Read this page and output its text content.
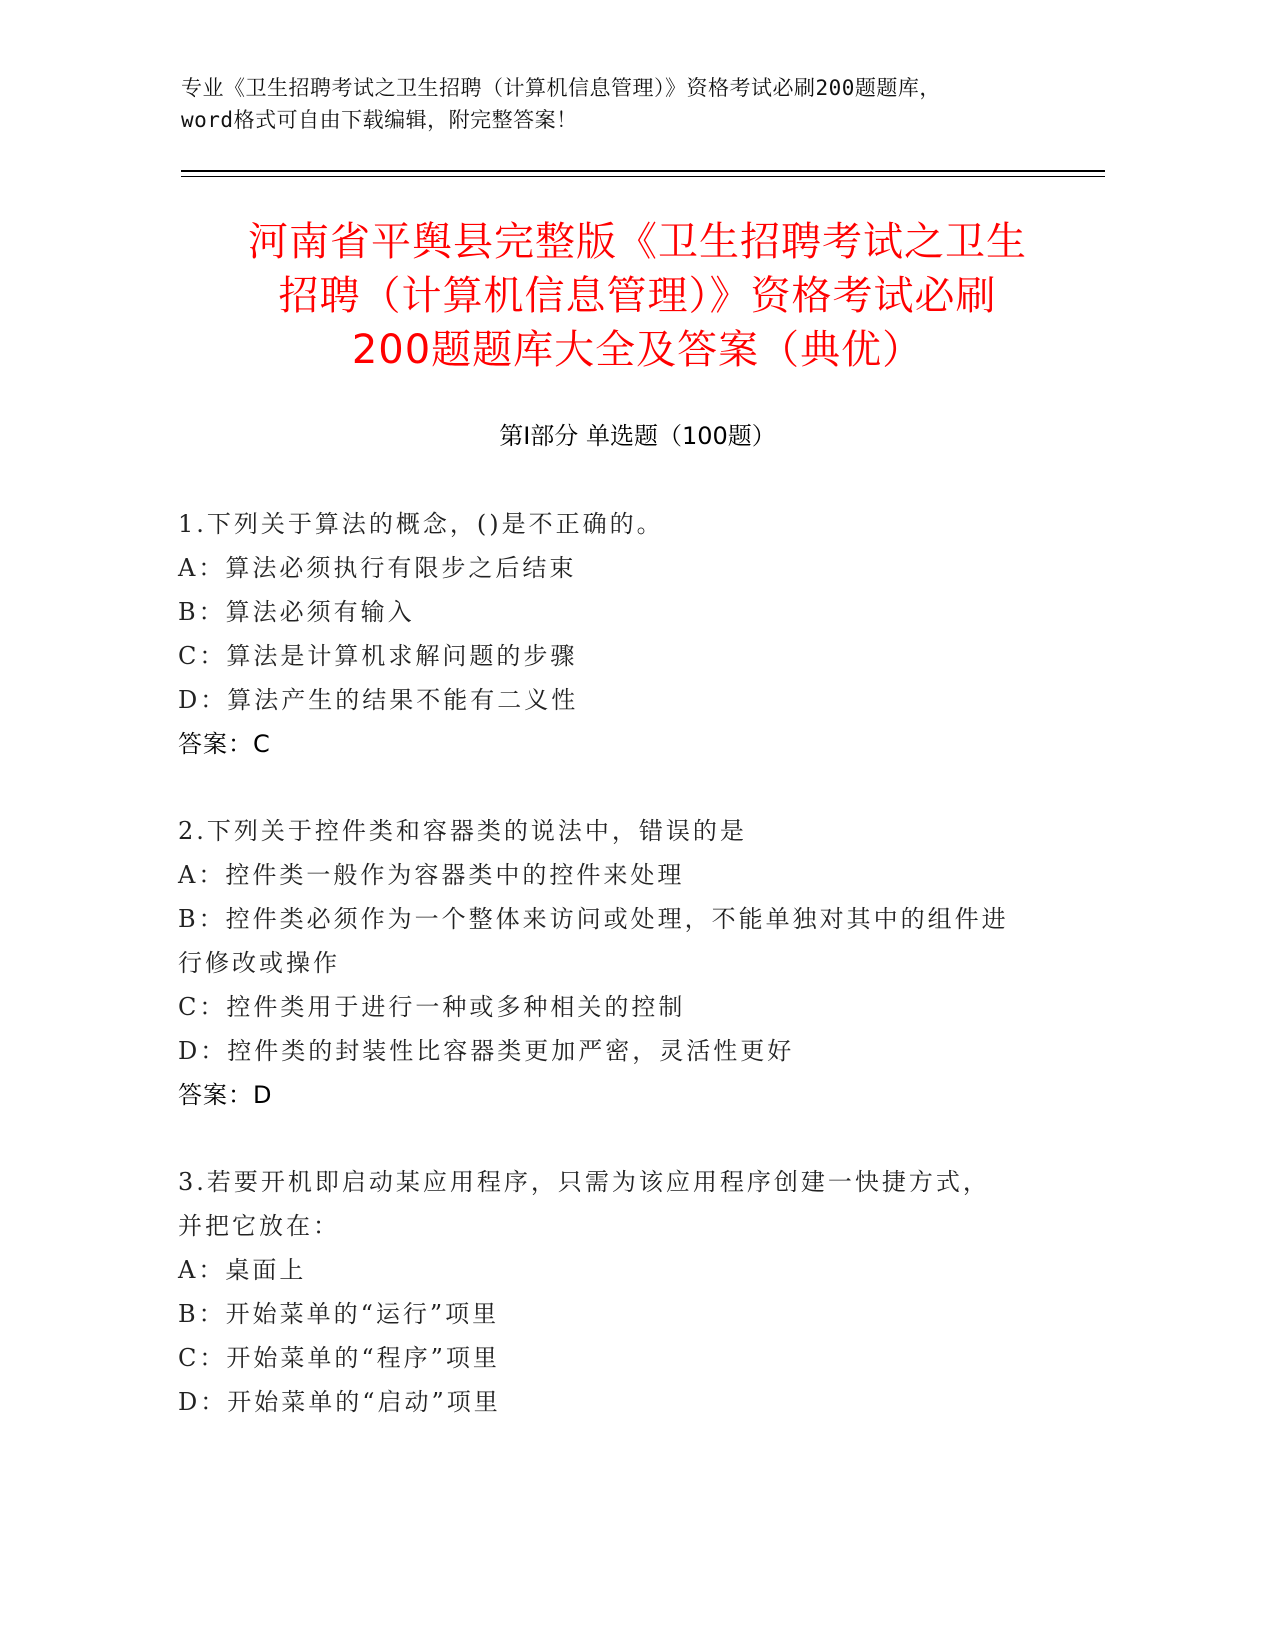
专业《卫生招聘考试之卫生招聘（计算机信息管理）》资格考试必刷200题题库，
word格式可自由下载编辑，附完整答案！
河南省平舆县完整版《卫生招聘考试之卫生
招聘（计算机信息管理）》资格考试必刷
200题题库大全及答案（典优）
第Ⅰ部分 单选题（100题）
1.下列关于算法的概念，()是不正确的。
A：算法必须执行有限步之后结束
B：算法必须有输入
C：算法是计算机求解问题的步骤
D：算法产生的结果不能有二义性
答案：C
2.下列关于控件类和容器类的说法中，错误的是
A：控件类一般作为容器类中的控件来处理
B：控件类必须作为一个整体来访问或处理，不能单独对其中的组件进
行修改或操作
C：控件类用于进行一种或多种相关的控制
D：控件类的封装性比容器类更加严密，灵活性更好
答案：D
3.若要开机即启动某应用程序，只需为该应用程序创建一快捷方式，
并把它放在：
A：桌面上
B：开始菜单的“运行”项里
C：开始菜单的“程序”项里
D：开始菜单的“启动”项里
